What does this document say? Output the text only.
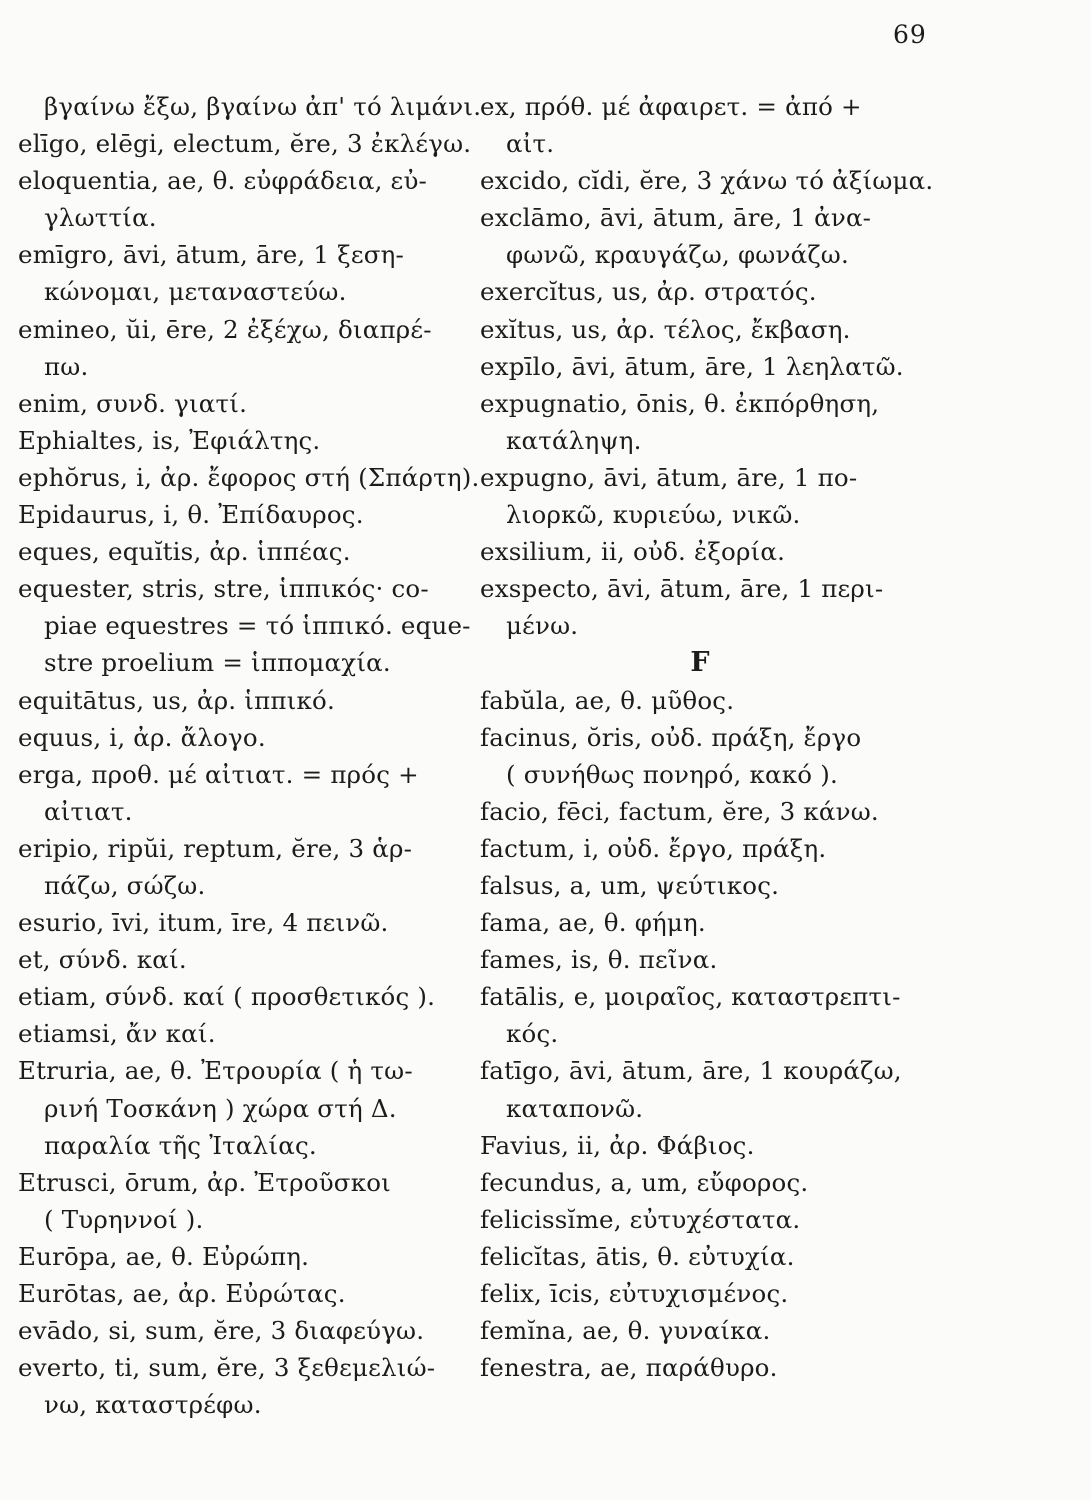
69
βγαίνω ἔξω, βγαίνω ἀπ' τό λιμάνι.
elīgo, elēgi, electum, ĕre, 3 ἐκλέγω.
eloquentia, ae, θ. εὐφράδεια, εὐ-
γλωττία.
emīgro, āvi, ātum, āre, 1 ξεση-
κώνομαι, μεταναστεύω.
emineo, ŭi, ēre, 2 ἐξέχω, διαπρέ-
πω.
enim, συνδ. γιατί.
Ephialtes, is, Ἐφιάλτης.
ephŏrus, i, ἀρ. ἔφορος στή (Σπάρτη).
Epidaurus, i, θ. Ἐπίδαυρος.
eques, equĭtis, ἀρ. ἱππέας.
equester, stris, stre, ἱππικός· co-
piae equestres = τό ἱππικό. eque-
stre proelium = ἱππομαχία.
equitātus, us, ἀρ. ἱππικό.
equus, i, ἀρ. ἄλογο.
erga, προθ. μέ αἰτιατ. = πρός +
αἰτιατ.
eripio, ripŭi, reptum, ĕre, 3 ἁρ-
πάζω, σώζω.
esurio, īvi, itum, īre, 4 πεινῶ.
et, σύνδ. καί.
etiam, σύνδ. καί ( προσθετικός ).
etiamsi, ἄν καί.
Etruria, ae, θ. Ἐτρουρία ( ἡ τω-
ρινή Τοσκάνη ) χώρα στή Δ.
παραλία τῆς Ἰταλίας.
Etrusci, ōrum, ἀρ. Ἐτροῦσκοι
( Τυρηννοί ).
Eurōpa, ae, θ. Εὐρώπη.
Eurōtas, ae, ἀρ. Εὐρώτας.
evādo, si, sum, ĕre, 3 διαφεύγω.
everto, ti, sum, ĕre, 3 ξεθεμελιώ-
νω, καταστρέφω.
ex, πρόθ. μέ ἀφαιρετ. = ἀπό +
αἰτ.
excido, cĭdi, ĕre, 3 χάνω τό ἀξίωμα.
exclāmo, āvi, ātum, āre, 1 ἀνα-
φωνῶ, κραυγάζω, φωνάζω.
exercĭtus, us, ἀρ. στρατός.
exĭtus, us, ἀρ. τέλος, ἔκβαση.
expīlo, āvi, ātum, āre, 1 λεηλατῶ.
expugnatio, ōnis, θ. ἐκπόρθηση,
κατάληψη.
expugno, āvi, ātum, āre, 1 πο-
λιορκῶ, κυριεύω, νικῶ.
exsilium, ii, οὐδ. ἐξορία.
exspecto, āvi, ātum, āre, 1 περι-
μένω.
F
fabŭla, ae, θ. μῦθος.
facinus, ŏris, οὐδ. πράξη, ἔργο
( συνήθως πονηρό, κακό ).
facio, fēci, factum, ĕre, 3 κάνω.
factum, i, οὐδ. ἔργο, πράξη.
falsus, a, um, ψεύτικος.
fama, ae, θ. φήμη.
fames, is, θ. πεῖνα.
fatālis, e, μοιραῖος, καταστρεπτι-
κός.
fatīgo, āvi, ātum, āre, 1 κουράζω,
καταπονῶ.
Favius, ii, ἀρ. Φάβιος.
fecundus, a, um, εὔφορος.
felicissĭme, εὐτυχέστατα.
felicĭtas, ātis, θ. εὐτυχία.
felix, īcis, εὐτυχισμένος.
femĭna, ae, θ. γυναίκα.
fenestra, ae, παράθυρο.
